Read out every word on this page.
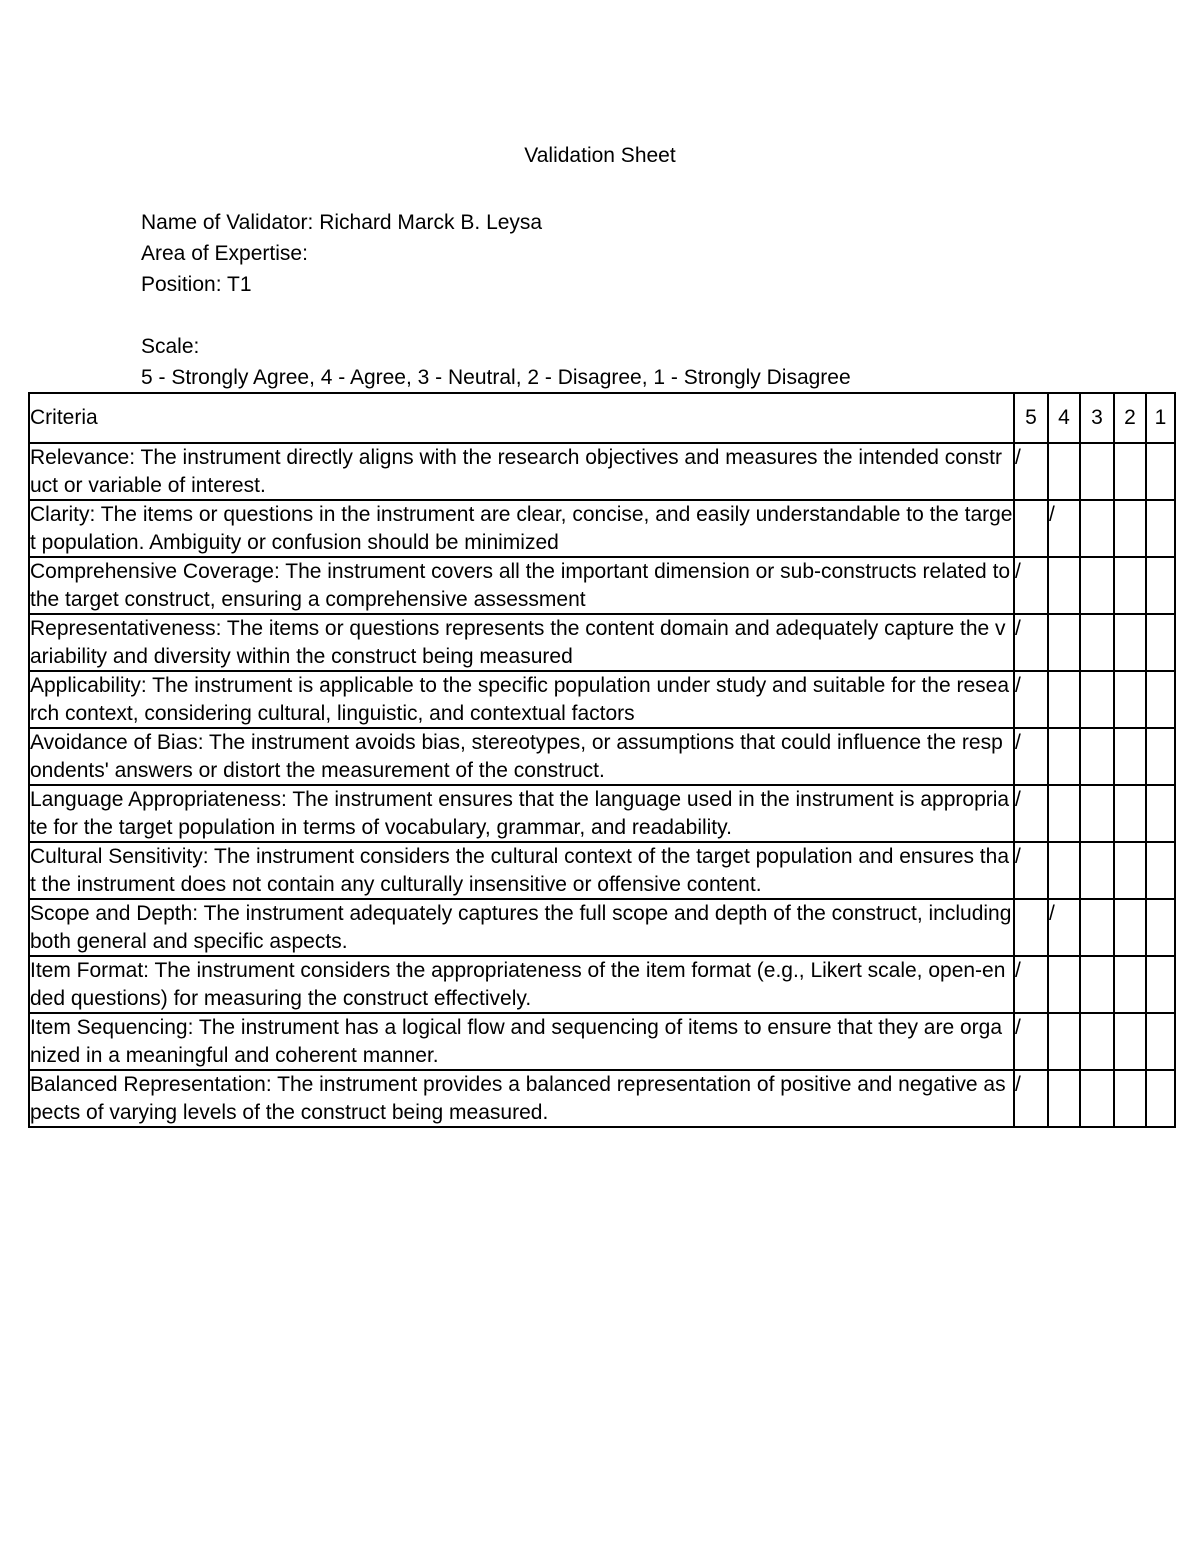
Validation Sheet
Name of Validator: Richard Marck B. Leysa
Area of Expertise:
Position: T1
Scale:
5 - Strongly Agree, 4 - Agree, 3 - Neutral, 2 - Disagree, 1 - Strongly Disagree
Criteria	5	4	3	2	1
Relevance: The instrument directly aligns with the research objectives and measures the intended construct or variable of interest.	/				
Clarity: The items or questions in the instrument are clear, concise, and easily understandable to the target population. Ambiguity or confusion should be minimized		/			
Comprehensive Coverage: The instrument covers all the important dimension or sub-constructs related to the target construct, ensuring a comprehensive assessment	/				
Representativeness: The items or questions represents the content domain and adequately capture the variability and diversity within the construct being measured	/				
Applicability: The instrument is applicable to the specific population under study and suitable for the research context, considering cultural, linguistic, and contextual factors	/				
Avoidance of Bias: The instrument avoids bias, stereotypes, or assumptions that could influence the respondents' answers or distort the measurement of the construct.	/				
Language Appropriateness: The instrument ensures that the language used in the instrument is appropriate for the target population in terms of vocabulary, grammar, and readability.	/				
Cultural Sensitivity: The instrument considers the cultural context of the target population and ensures that the instrument does not contain any culturally insensitive or offensive content.	/				
Scope and Depth: The instrument adequately captures the full scope and depth of the construct, including both general and specific aspects.		/			
Item Format: The instrument considers the appropriateness of the item format (e.g., Likert scale, open-ended questions) for measuring the construct effectively.	/				
Item Sequencing: The instrument has a logical flow and sequencing of items to ensure that they are organized in a meaningful and coherent manner.	/				
Balanced Representation: The instrument provides a balanced representation of positive and negative aspects of varying levels of the construct being measured.	/				
